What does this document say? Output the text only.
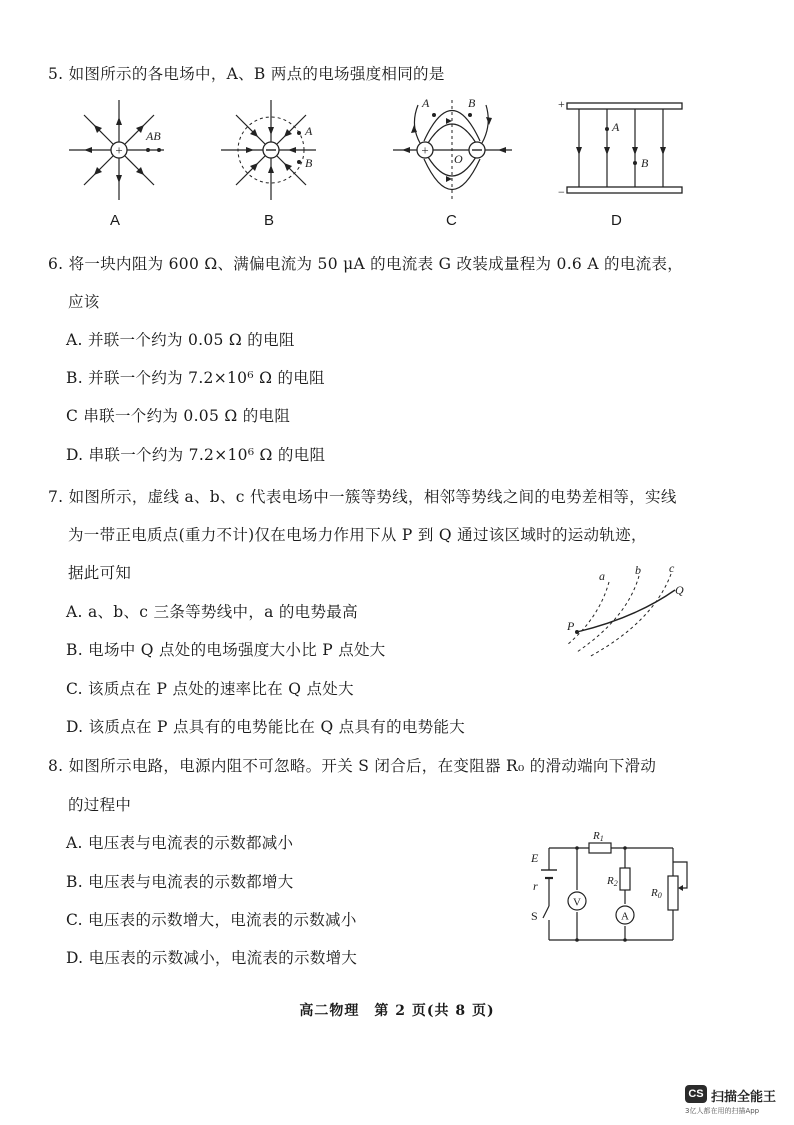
5. 如图所示的各电场中，A、B 两点的电场强度相同的是
+
AB
A
A
B
B
+
A	B
O
C
+
−
A
B
D
6. 将一块内阻为 600 Ω、满偏电流为 50 μA 的电流表 G 改装成量程为 0.6 A 的电流表，
应该
A. 并联一个约为 0.05 Ω 的电阻
B. 并联一个约为 7.2×10⁶ Ω 的电阻
C 串联一个约为 0.05 Ω 的电阻
D. 串联一个约为 7.2×10⁶ Ω 的电阻
7. 如图所示，虚线 a、b、c 代表电场中一簇等势线，相邻等势线之间的电势差相等，实线
为一带正电质点(重力不计)仅在电场力作用下从 P 到 Q 通过该区域时的运动轨迹，
据此可知
A. a、b、c 三条等势线中，a 的电势最高
B. 电场中 Q 点处的电场强度大小比 P 点处大
C. 该质点在 P 点处的速率比在 Q 点处大
D. 该质点在 P 点具有的电势能比在 Q 点具有的电势能大
a	b c
P
Q
8. 如图所示电路，电源内阻不可忽略。开关 S 闭合后，在变阻器 R₀ 的滑动端向下滑动
的过程中
A. 电压表与电流表的示数都减小
B. 电压表与电流表的示数都增大
C. 电压表的示数增大，电流表的示数减小
D. 电压表的示数减小，电流表的示数增大
V
A
E
r
S
R1
R2
R0
高二物理　第 2 页(共 8 页)
CS 扫描全能王
3亿人都在用的扫描App
